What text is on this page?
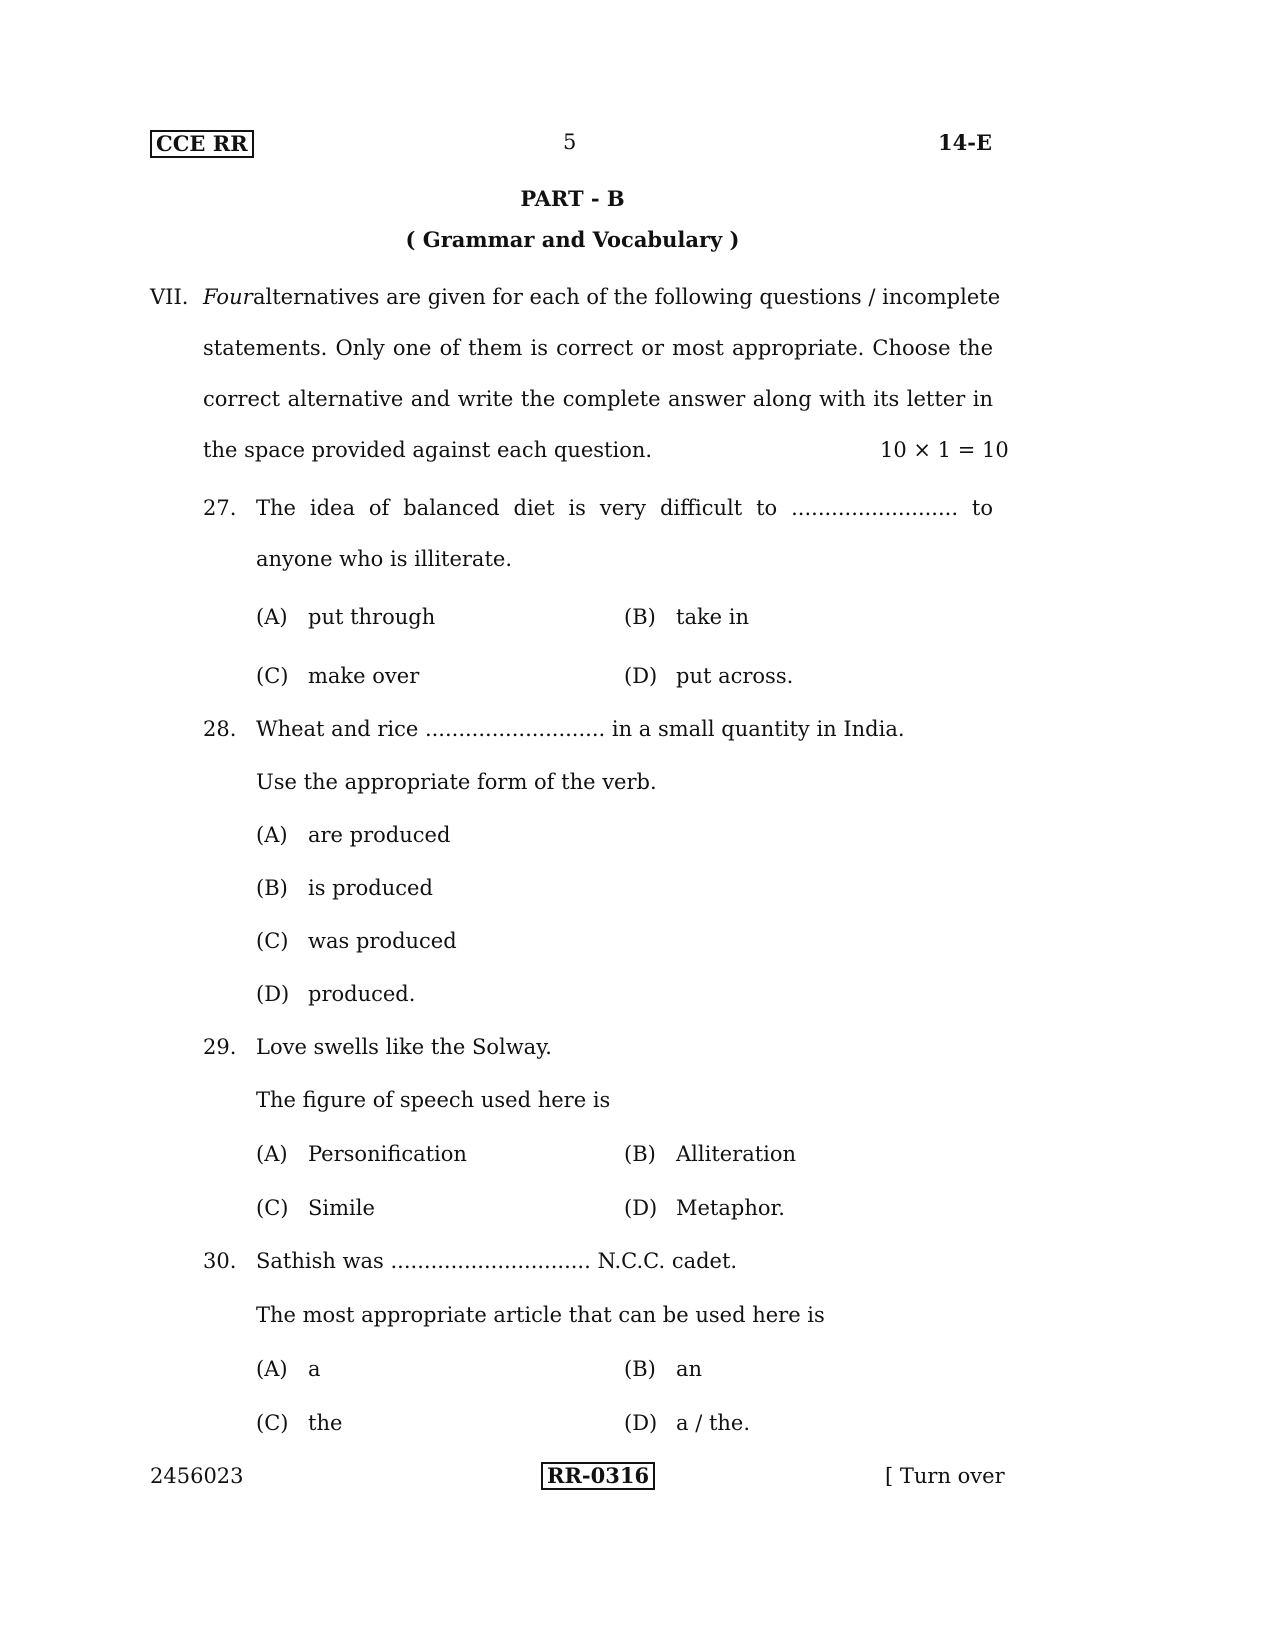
CCE RR	5	14-E
PART - B
( Grammar and Vocabulary )
VII. Four alternatives are given for each of the following questions / incomplete
statements. Only one of them is correct or most appropriate. Choose the
correct alternative and write the complete answer along with its letter in
the space provided against each question.	10 × 1 = 10
27. The idea of balanced diet is very difficult to ......................... to
anyone who is illiterate.
(A) put through	(B) take in
(C) make over	(D) put across.
28. Wheat and rice ........................... in a small quantity in India.
Use the appropriate form of the verb.
(A) are produced
(B) is produced
(C) was produced
(D) produced.
29. Love swells like the Solway.
The figure of speech used here is
(A) Personification	(B) Alliteration
(C) Simile	(D) Metaphor.
30. Sathish was .............................. N.C.C. cadet.
The most appropriate article that can be used here is
(A) a	(B) an
(C) the	(D) a / the.
2456023	RR-0316	[ Turn over
